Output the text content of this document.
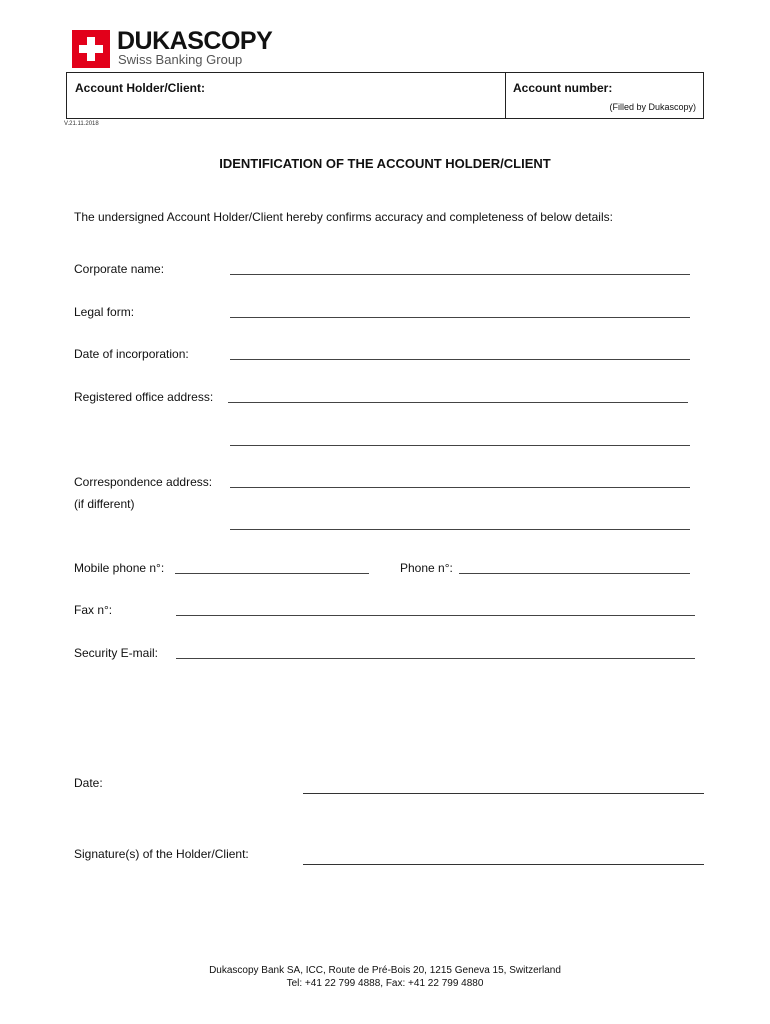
DUKASCOPY
Swiss Banking Group
Account Holder/Client:	Account number:
(Filled by Dukascopy)
V.21.11.2018
IDENTIFICATION OF THE ACCOUNT HOLDER/CLIENT
The undersigned Account Holder/Client hereby confirms accuracy and completeness of below details:
Corporate name:
Legal form:
Date of incorporation:
Registered office address:
Correspondence address:
(if different)
Mobile phone n°:	Phone n°:
Fax n°:
Security E-mail:
Date:
Signature(s) of the Holder/Client:
Dukascopy Bank SA, ICC, Route de Pré-Bois 20, 1215 Geneva 15, Switzerland
Tel: +41 22 799 4888, Fax: +41 22 799 4880
